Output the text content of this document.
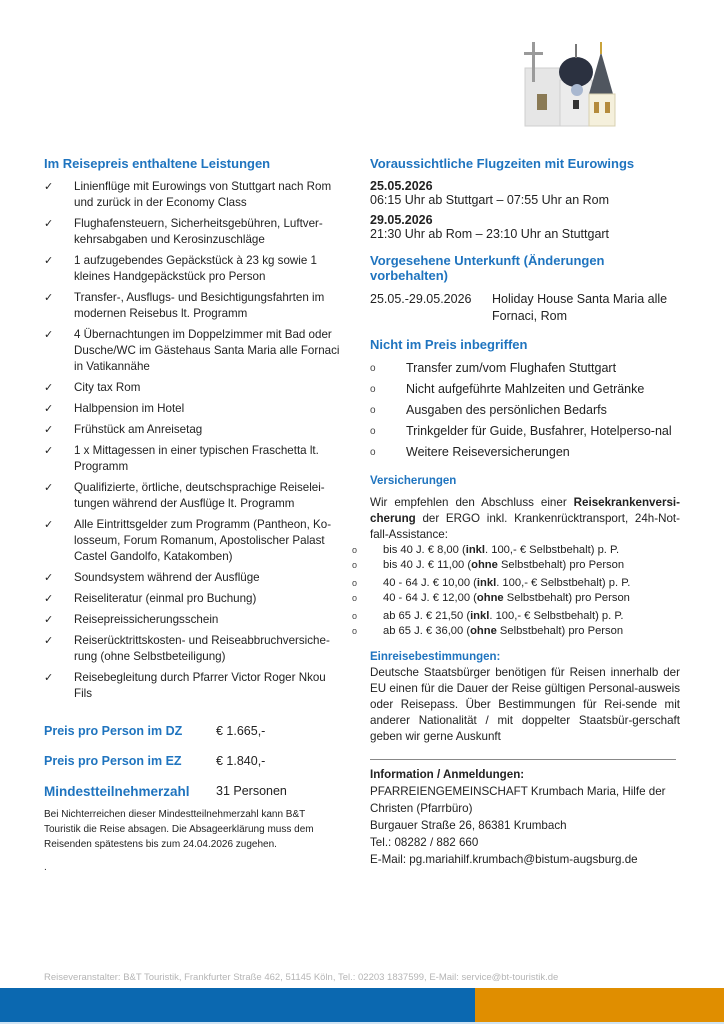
Im Reisepreis enthaltene Leistungen
✓ Linienflüge mit Eurowings von Stuttgart nach Rom und zurück in der Economy Class
✓ Flughafensteuern, Sicherheitsgebühren, Luftver-kehrsabgaben und Kerosinzuschläge
✓ 1 aufzugebendes Gepäckstück à 23 kg sowie 1 kleines Handgepäckstück pro Person
✓ Transfer-, Ausflugs- und Besichtigungsfahrten im modernen Reisebus lt. Programm
✓ 4 Übernachtungen im Doppelzimmer mit Bad oder Dusche/WC im Gästehaus Santa Maria alle Fornaci in Vatikannähe
✓ City tax Rom
✓ Halbpension im Hotel
✓ Frühstück am Anreisetag
✓ 1 x Mittagessen in einer typischen Fraschetta lt. Programm
✓ Qualifizierte, örtliche, deutschsprachige Reiselei-tungen während der Ausflüge lt. Programm
✓ Alle Eintrittsgelder zum Programm (Pantheon, Ko-losseum, Forum Romanum, Apostolischer Palast Castel Gandolfo, Katakomben)
✓ Soundsystem während der Ausflüge
✓ Reiseliteratur (einmal pro Buchung)
✓ Reisepreissicherungsschein
✓ Reiserücktrittskosten- und Reiseabbruchversiche-rung (ohne Selbstbeteiligung)
✓ Reisebegleitung durch Pfarrer Victor Roger Nkou Fils
Preis pro Person im DZ	€ 1.665,-
Preis pro Person im EZ	€ 1.840,-
Mindestteilnehmerzahl	31 Personen
Bei Nichterreichen dieser Mindestteilnehmerzahl kann B&T Touristik die Reise absagen. Die Absageerklärung muss dem Reisenden spätestens bis zum 24.04.2026 zugehen.
.
Voraussichtliche Flugzeiten mit Eurowings
25.05.2026
06:15 Uhr ab Stuttgart – 07:55 Uhr an Rom
29.05.2026
21:30 Uhr ab Rom – 23:10 Uhr an Stuttgart
Vorgesehene Unterkunft (Änderungen vorbehalten)
25.05.-29.05.2026	Holiday House Santa Maria alle Fornaci, Rom
Nicht im Preis inbegriffen
o Transfer zum/vom Flughafen Stuttgart
o Nicht aufgeführte Mahlzeiten und Getränke
o Ausgaben des persönlichen Bedarfs
o Trinkgelder für Guide, Busfahrer, Hotelperso-nal
o Weitere Reiseversicherungen
Versicherungen
Wir empfehlen den Abschluss einer Reisekrankenversi-cherung der ERGO inkl. Krankenrücktransport, 24h-Not-fall-Assistance:
o bis 40 J. € 8,00 (inkl. 100,- € Selbstbehalt) p. P.
o bis 40 J. € 11,00 (ohne Selbstbehalt) pro Person
o 40 - 64 J. € 10,00 (inkl. 100,- € Selbstbehalt) p. P.
o 40 - 64 J. € 12,00 (ohne Selbstbehalt) pro Person
o ab 65 J. € 21,50 (inkl. 100,- € Selbstbehalt) p. P.
o ab 65 J. € 36,00 (ohne Selbstbehalt) pro Person
Einreisebestimmungen:
Deutsche Staatsbürger benötigen für Reisen innerhalb der EU einen für die Dauer der Reise gültigen Personal-ausweis oder Reisepass. Über Bestimmungen für Rei-sende mit anderer Nationalität / mit doppelter Staatsbür-gerschaft geben wir gerne Auskunft
Information / Anmeldungen:
PFARREIENGEMEINSCHAFT Krumbach Maria, Hilfe der Christen (Pfarrbüro)
Burgauer Straße 26, 86381 Krumbach
Tel.: 08282 / 882 660
E-Mail: pg.mariahilf.krumbach@bistum-augsburg.de
Reiseveranstalter: B&T Touristik, Frankfurter Straße 462, 51145 Köln, Tel.: 02203 1837599, E-Mail: service@bt-touristik.de
